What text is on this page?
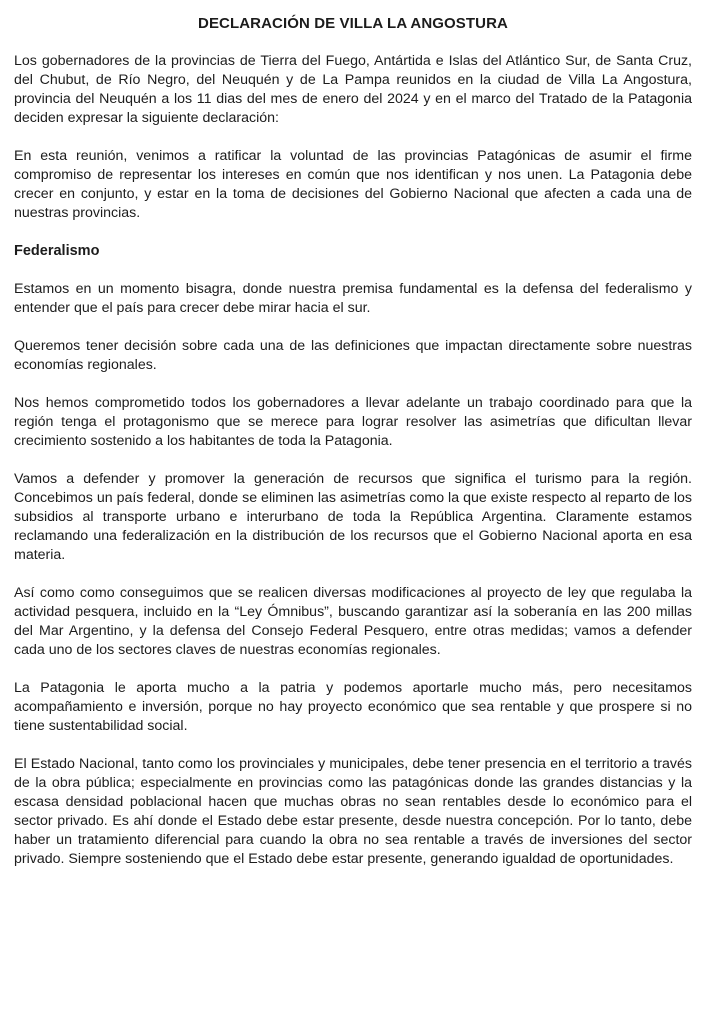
DECLARACIÓN DE VILLA LA ANGOSTURA

Los gobernadores de la provincias de Tierra del Fuego, Antártida e Islas del Atlántico Sur, de Santa Cruz, del Chubut, de Río Negro, del Neuquén y de La Pampa reunidos en la ciudad de Villa La Angostura, provincia del Neuquén a los 11 dias del mes de enero del 2024 y en el marco del Tratado de la Patagonia deciden expresar la siguiente declaración:

En esta reunión, venimos a ratificar la voluntad de las provincias Patagónicas de asumir el firme compromiso de representar los intereses en común que nos identifican y nos unen. La Patagonia debe crecer en conjunto, y estar en la toma de decisiones del Gobierno Nacional que afecten a cada una de nuestras provincias.

Federalismo

Estamos en un momento bisagra, donde nuestra premisa fundamental es la defensa del federalismo y entender que el país para crecer debe mirar hacia el sur.

Queremos tener decisión sobre cada una de las definiciones que impactan directamente sobre nuestras economías regionales.

Nos hemos comprometido todos los gobernadores a llevar adelante un trabajo coordinado para que la región tenga el protagonismo que se merece para lograr resolver las asimetrías que dificultan llevar crecimiento sostenido a los habitantes de toda la Patagonia.

Vamos a defender y promover la generación de recursos que significa el turismo para la región. Concebimos un país federal, donde se eliminen las asimetrías como la que existe respecto al reparto de los subsidios al transporte urbano e interurbano de toda la República Argentina. Claramente estamos reclamando una federalización en la distribución de los recursos que el Gobierno Nacional aporta en esa materia.

Así como como conseguimos que se realicen diversas modificaciones al proyecto de ley que regulaba la actividad pesquera, incluido en la “Ley Ómnibus”, buscando garantizar así la soberanía en las 200 millas del Mar Argentino, y la defensa del Consejo Federal Pesquero, entre otras medidas; vamos a defender cada uno de los sectores claves de nuestras economías regionales.

La Patagonia le aporta mucho a la patria y podemos aportarle mucho más, pero necesitamos acompañamiento e inversión, porque no hay proyecto económico que sea rentable y que prospere si no tiene sustentabilidad social.

El Estado Nacional, tanto como los provinciales y municipales, debe tener presencia en el territorio a través de la obra pública; especialmente en provincias como las patagónicas donde las grandes distancias y la escasa densidad poblacional hacen que muchas obras no sean rentables desde lo económico para el sector privado. Es ahí donde el Estado debe estar presente, desde nuestra concepción. Por lo tanto, debe haber un tratamiento diferencial para cuando la obra no sea rentable a través de inversiones del sector privado. Siempre sosteniendo que el Estado debe estar presente, generando igualdad de oportunidades.
